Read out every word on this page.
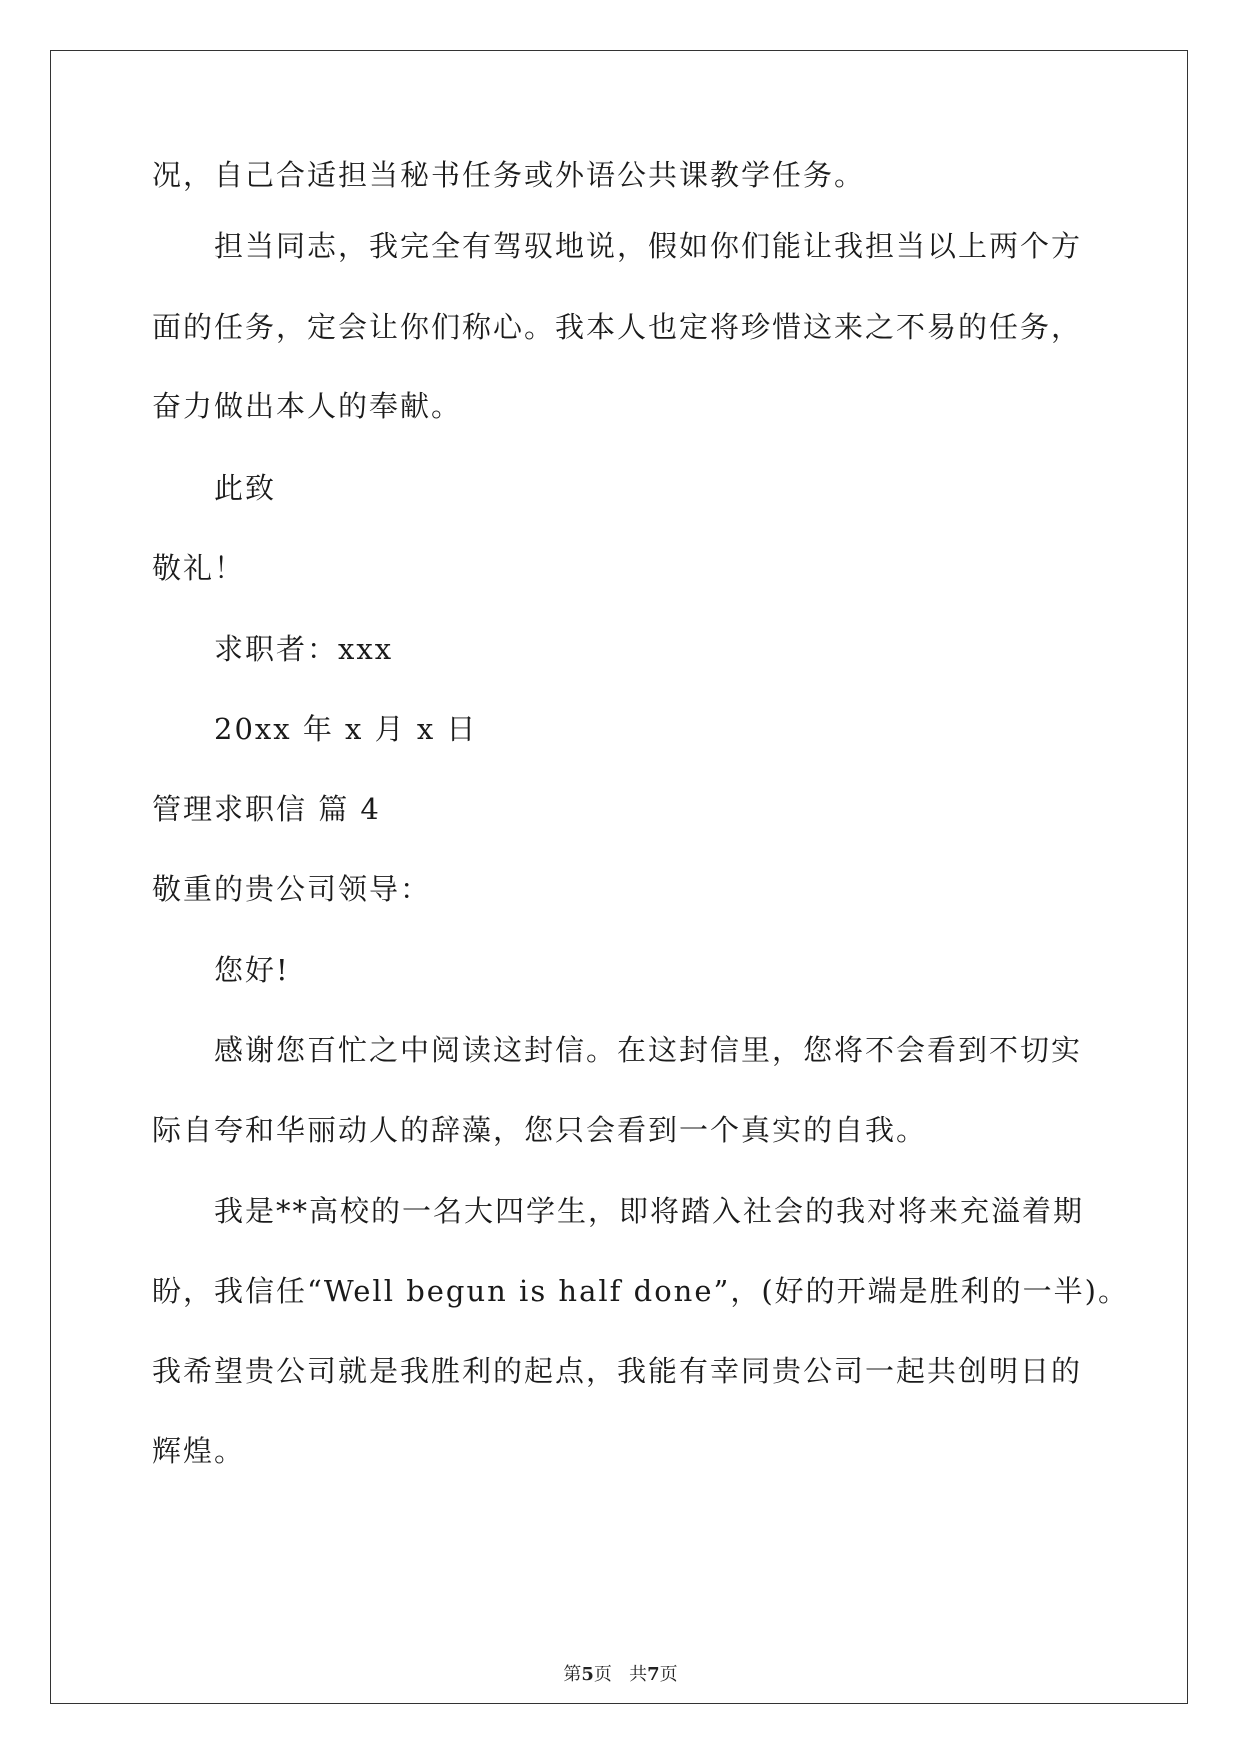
况，自己合适担当秘书任务或外语公共课教学任务。
担当同志，我完全有驾驭地说，假如你们能让我担当以上两个方
面的任务，定会让你们称心。我本人也定将珍惜这来之不易的任务，
奋力做出本人的奉献。
此致
敬礼！
求职者：xxx
20xx 年 x 月 x 日
管理求职信 篇 4
敬重的贵公司领导：
您好!
感谢您百忙之中阅读这封信。在这封信里，您将不会看到不切实
际自夸和华丽动人的辞藻，您只会看到一个真实的自我。
我是**高校的一名大四学生，即将踏入社会的我对将来充溢着期
盼，我信任“Well begun is half done”，(好的开端是胜利的一半)。
我希望贵公司就是我胜利的起点，我能有幸同贵公司一起共创明日的
辉煌。
第5页 共7页
